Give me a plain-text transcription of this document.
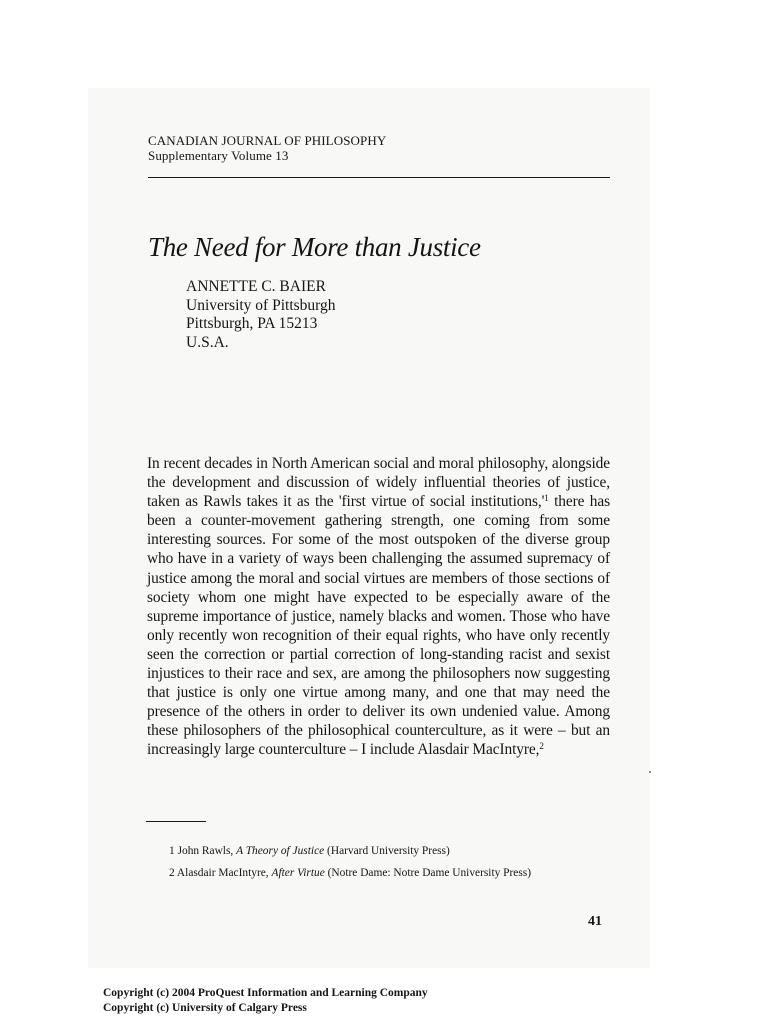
CANADIAN JOURNAL OF PHILOSOPHY
Supplementary Volume 13
The Need for More than Justice
ANNETTE C. BAIER
University of Pittsburgh
Pittsburgh, PA 15213
U.S.A.
In recent decades in North American social and moral philosophy, alongside the development and discussion of widely influential theories of justice, taken as Rawls takes it as the 'first virtue of social $institutions,'^1$ there has been a counter-movement gathering strength, one coming from some interesting sources. For some of the most outspoken of the diverse group who have in a variety of ways been challenging the assumed supremacy of justice among the moral and social virtues are members of those sections of society whom one might have expected to be especially aware of the supreme importance of justice, namely blacks and women. Those who have only recently won recognition of their equal rights, who have only recently seen the correction or partial correction of long-standing racist and sexist injustices to their race and sex, are among the philosophers now suggesting that justice is only one virtue among many, and one that may need the presence of the others in order to deliver its own undenied value. Among these philosophers of the philosophical counterculture, as it were – but an increasingly large counterculture – I include Alasdair MacIntyre,$^2$
1 John Rawls, A Theory of Justice (Harvard University Press)
2 Alasdair MacIntyre, After Virtue (Notre Dame: Notre Dame University Press)
41
Copyright (c) 2004 ProQuest Information and Learning Company
Copyright (c) University of Calgary Press
